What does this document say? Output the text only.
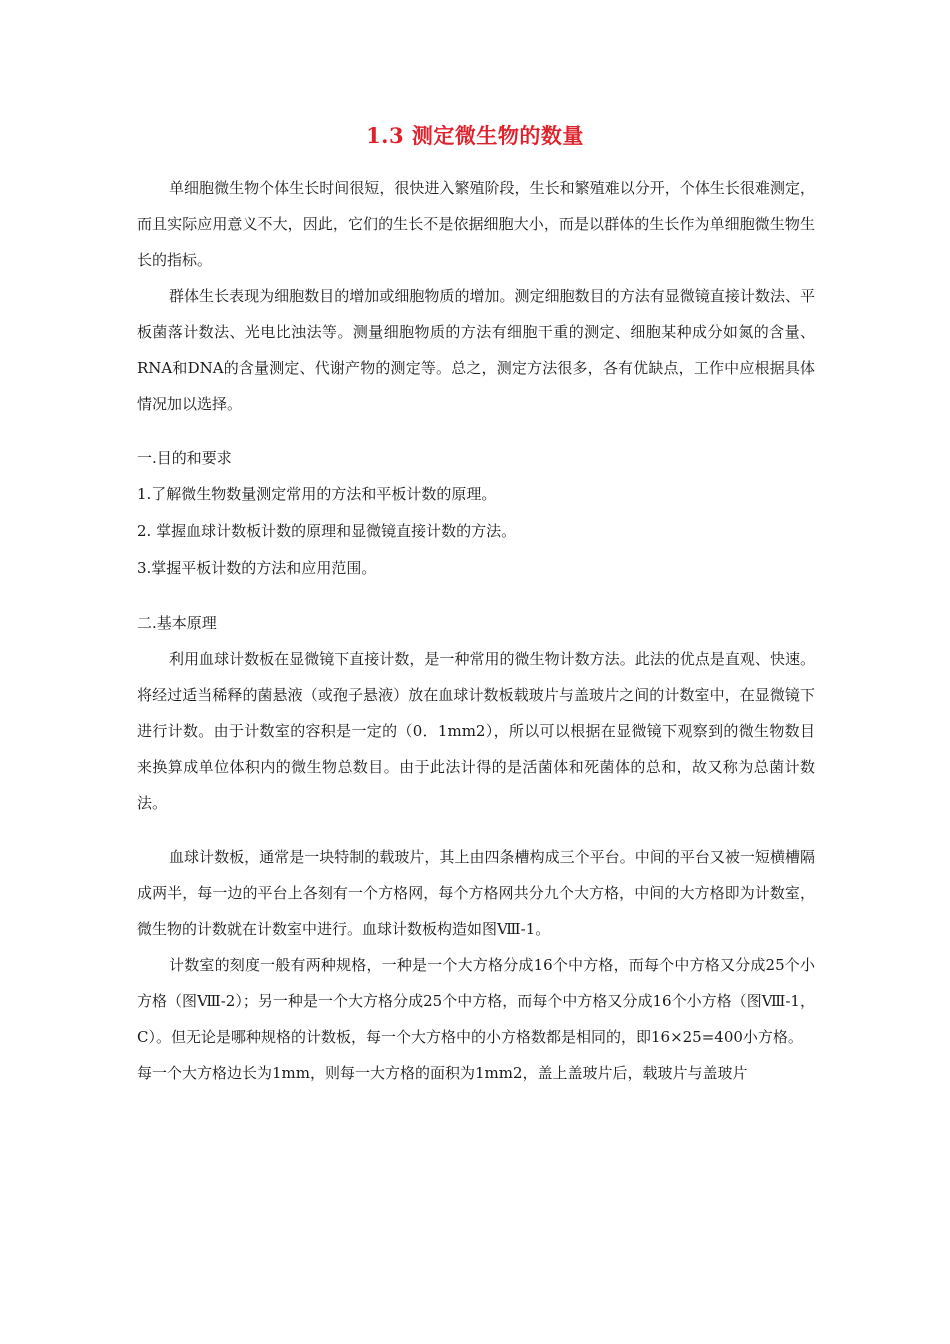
1.3 测定微生物的数量

单细胞微生物个体生长时间很短，很快进入繁殖阶段，生长和繁殖难以分开，个体生长很难测定，而且实际应用意义不大，因此，它们的生长不是依据细胞大小，而是以群体的生长作为单细胞微生物生长的指标。

群体生长表现为细胞数目的增加或细胞物质的增加。测定细胞数目的方法有显微镜直接计数法、平板菌落计数法、光电比浊法等。测量细胞物质的方法有细胞干重的测定、细胞某种成分如氮的含量、RNA和DNA的含量测定、代谢产物的测定等。总之，测定方法很多，各有优缺点，工作中应根据具体情况加以选择。

一.目的和要求

1.了解微生物数量测定常用的方法和平板计数的原理。

2. 掌握血球计数板计数的原理和显微镜直接计数的方法。

3.掌握平板计数的方法和应用范围。

二.基本原理

利用血球计数板在显微镜下直接计数，是一种常用的微生物计数方法。此法的优点是直观、快速。将经过适当稀释的菌悬液（或孢子悬液）放在血球计数板载玻片与盖玻片之间的计数室中，在显微镜下进行计数。由于计数室的容积是一定的（0．1mm2），所以可以根据在显微镜下观察到的微生物数目来换算成单位体积内的微生物总数目。由于此法计得的是活菌体和死菌体的总和，故又称为总菌计数法。

血球计数板，通常是一块特制的载玻片，其上由四条槽构成三个平台。中间的平台又被一短横槽隔成两半，每一边的平台上各刻有一个方格网，每个方格网共分九个大方格，中间的大方格即为计数室，微生物的计数就在计数室中进行。血球计数板构造如图Ⅷ-1。

计数室的刻度一般有两种规格，一种是一个大方格分成16个中方格，而每个中方格又分成25个小方格（图Ⅷ-2）；另一种是一个大方格分成25个中方格，而每个中方格又分成16个小方格（图Ⅷ-1，C）。但无论是哪种规格的计数板，每一个大方格中的小方格数都是相同的，即16×25=400小方格。

每一个大方格边长为1mm，则每一大方格的面积为1mm2，盖上盖玻片后，载玻片与盖玻片
